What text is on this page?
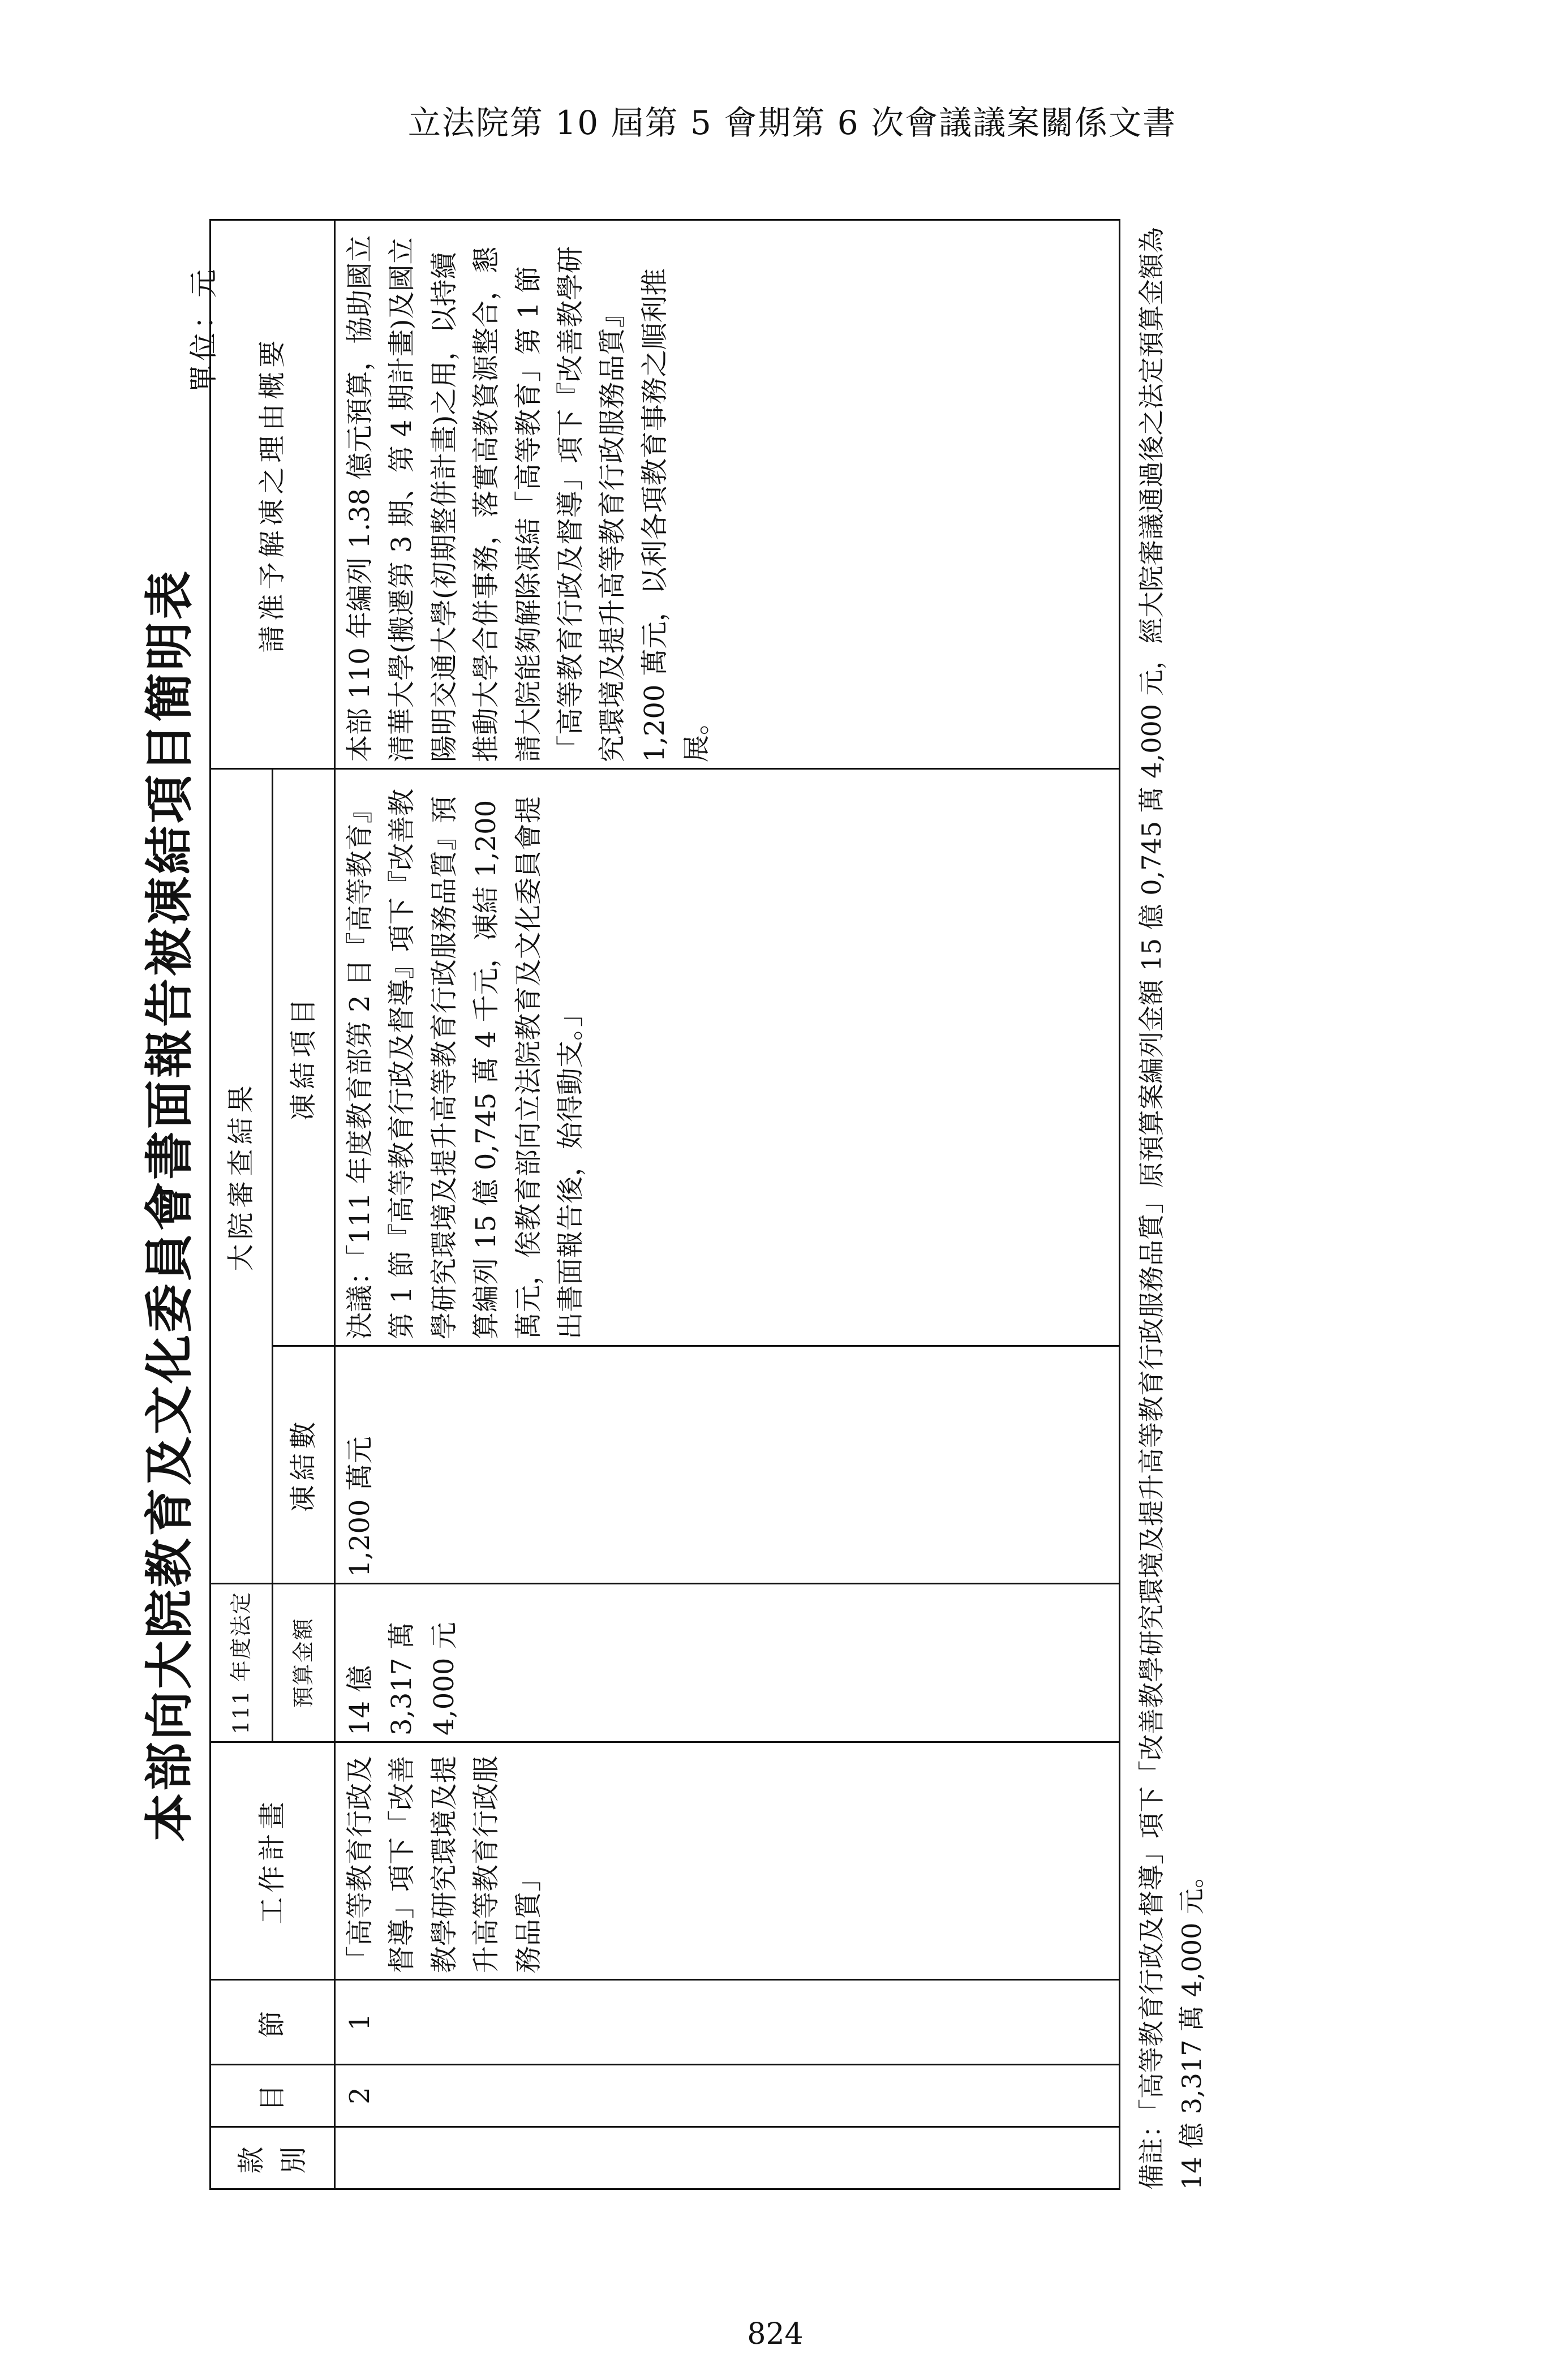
立法院第 10 屆第 5 會期第 6 次會議議案關係文書
本部向大院教育及文化委員會書面報告被凍結項目簡明表
單位：元
款別	目	節	工作計畫	111 年度法定	大院審查結果		請准予解凍之理由概要
				預算金額	凍結數	凍結項目	
	2	1	「高等教育行政及督導」項下「改善教學研究環境及提升高等教育行政服務品質」	14 億 3,317 萬 4,000 元	1,200 萬元	決議：「111 年度教育部第 2 目『高等教育』第 1 節『高等教育行政及督導』項下『改善教學研究環境及提升高等教育行政服務品質』預算編列 15 億 0,745 萬 4 千元，凍結 1,200 萬元，俟教育部向立法院教育及文化委員會提出書面報告後，始得動支。」	本部 110 年編列 1.38 億元預算，協助國立清華大學(搬遷第 3 期、第 4 期計畫)及國立陽明交通大學(初期整併計畫)之用，以持續推動大學合併事務，落實高教資源整合，懇請大院能夠解除凍結「高等教育」第 1 節「高等教育行政及督導」項下『改善教學研究環境及提升高等教育行政服務品質』1,200 萬元，以利各項教育事務之順利推展。	備註：「高等教育行政及督導」項下「改善教學研究環境及提升高等教育行政服務品質」原預算案編列金額 15 億 0,745 萬 4,000 元，經大院審議通過後之法定預算金額為 14 億 3,317 萬 4,000 元。
824
